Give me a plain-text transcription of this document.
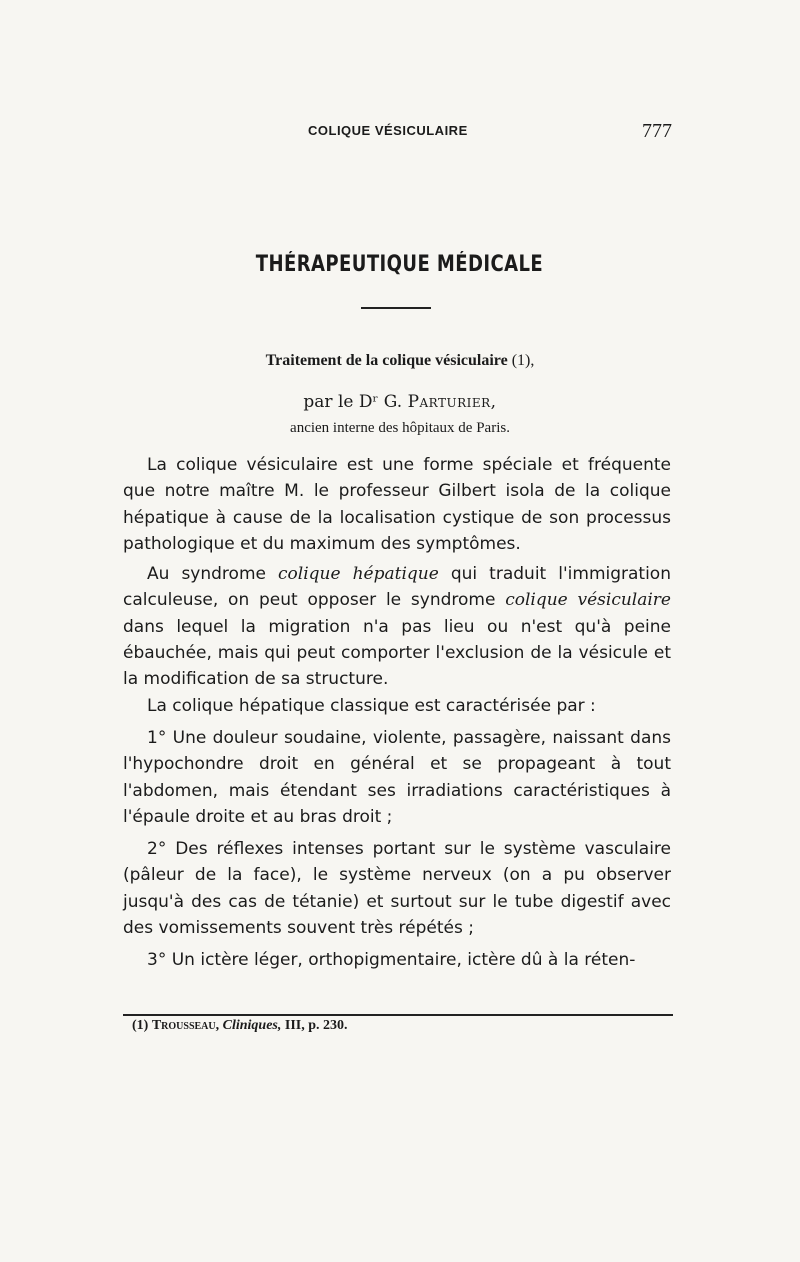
COLIQUE VÉSICULAIRE	777
THÉRAPEUTIQUE MÉDICALE
Traitement de la colique vésiculaire (1),
par le Dʳ G. Parturier,
ancien interne des hôpitaux de Paris.

La colique vésiculaire est une forme spéciale et fréquente que notre maître M. le professeur Gilbert isola de la colique hépatique à cause de la localisation cystique de son processus pathologique et du maximum des symptômes.

Au syndrome colique hépatique qui traduit l'immigration calculeuse, on peut opposer le syndrome colique vésiculaire dans lequel la migration n'a pas lieu ou n'est qu'à peine ébauchée, mais qui peut comporter l'exclusion de la vésicule et la modification de sa structure.

La colique hépatique classique est caractérisée par :

1° Une douleur soudaine, violente, passagère, naissant dans l'hypochondre droit en général et se propageant à tout l'abdomen, mais étendant ses irradiations caractéristiques à l'épaule droite et au bras droit ;

2° Des réflexes intenses portant sur le système vasculaire (pâleur de la face), le système nerveux (on a pu observer jusqu'à des cas de tétanie) et surtout sur le tube digestif avec des vomissements souvent très répétés ;

3° Un ictère léger, orthopigmentaire, ictère dû à la réten-

(1) Trousseau, Cliniques, III, p. 230.
